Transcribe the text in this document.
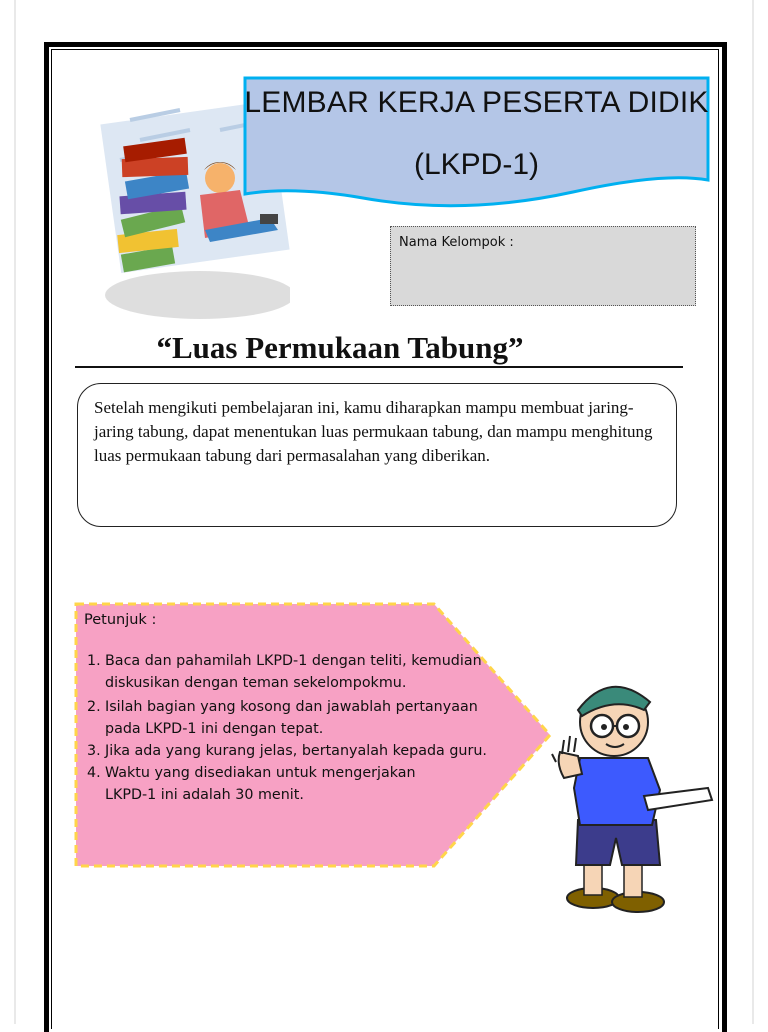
LEMBAR KERJA PESERTA DIDIK
(LKPD-1)
Nama Kelompok :
“Luas Permukaan Tabung”
Setelah mengikuti pembelajaran ini, kamu diharapkan mampu membuat jaring-jaring tabung, dapat menentukan luas permukaan tabung, dan mampu menghitung luas permukaan tabung dari permasalahan yang diberikan.
Petunjuk :
1. Baca dan pahamilah LKPD-1 dengan teliti, kemudian
diskusikan dengan teman sekelompokmu.
2. Isilah bagian yang kosong dan jawablah pertanyaan
pada LKPD-1 ini dengan tepat.
3. Jika ada yang kurang jelas, bertanyalah kepada guru.
4. Waktu yang disediakan untuk mengerjakan
LKPD-1 ini adalah 30 menit.
